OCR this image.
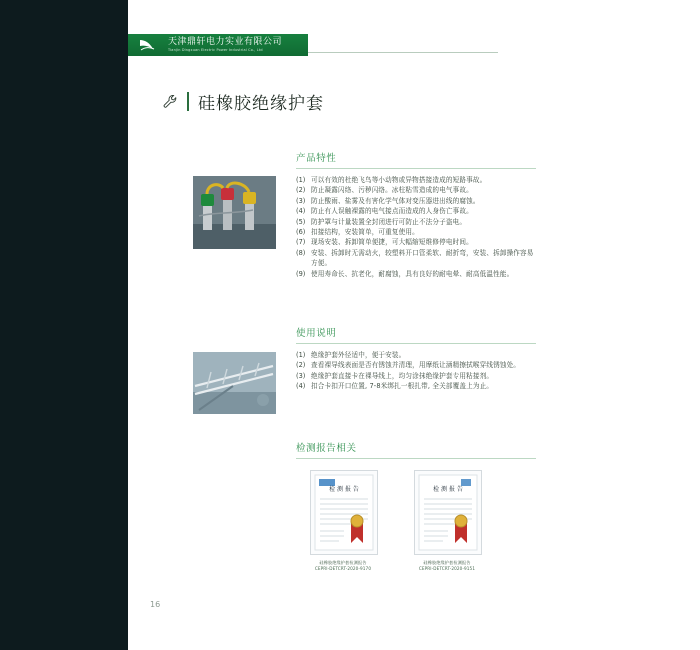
天津鼎轩电力实业有限公司
Tianjin Dingxuan Electric Power Industrial Co., Ltd
硅橡胶绝缘护套
产品特性
(1) 可以有效的杜绝飞鸟等小动物或异物搭接造成的短路事故。
(2) 防止凝露闪络、污秽闪络。冰柱粘雪造成的电气事故。
(3) 防止酸雨、盐雾及有害化学气体对变压器进出线的腐蚀。
(4) 防止有人误触裸露的电气接点而造成的人身伤亡事故。
(5) 防护罩与计量装置全封闭进行可防止不法分子盗电。
(6) 扣接结构，安装简单，可重复使用。
(7) 现场安装、拆卸简单便捷，可大幅缩短维修停电时间。
(8) 安装、拆卸时无需动火，较塑料开口管柔软、耐折弯，安装、拆卸操作容易方便。
(9) 使用寿命长、抗老化，耐腐蚀，具有良好的耐电晕、耐高低温性能。
使用说明
(1) 绝缘护套外径适中，便于安装。
(2) 查看裸导线表面是否有锈蚀并清理，用摩纸让涵精擦拭喉穿线锈蚀处。
(3) 绝缘护套直接卡在裸导线上，均匀涂抹绝缘护套专用粘接剂。
(4) 扣合卡扣开口位置, 7-8米绑扎一根扎带, 全关部覆盖上为止。
检测报告相关
检 测 报 告
硅橡胶绝缘护套检测报告
CEPRI-DETCRT-2020-9170
检 测 报 告
硅橡胶绝缘护套检测报告
CEPRI-DETCRT-2020-9151
16
